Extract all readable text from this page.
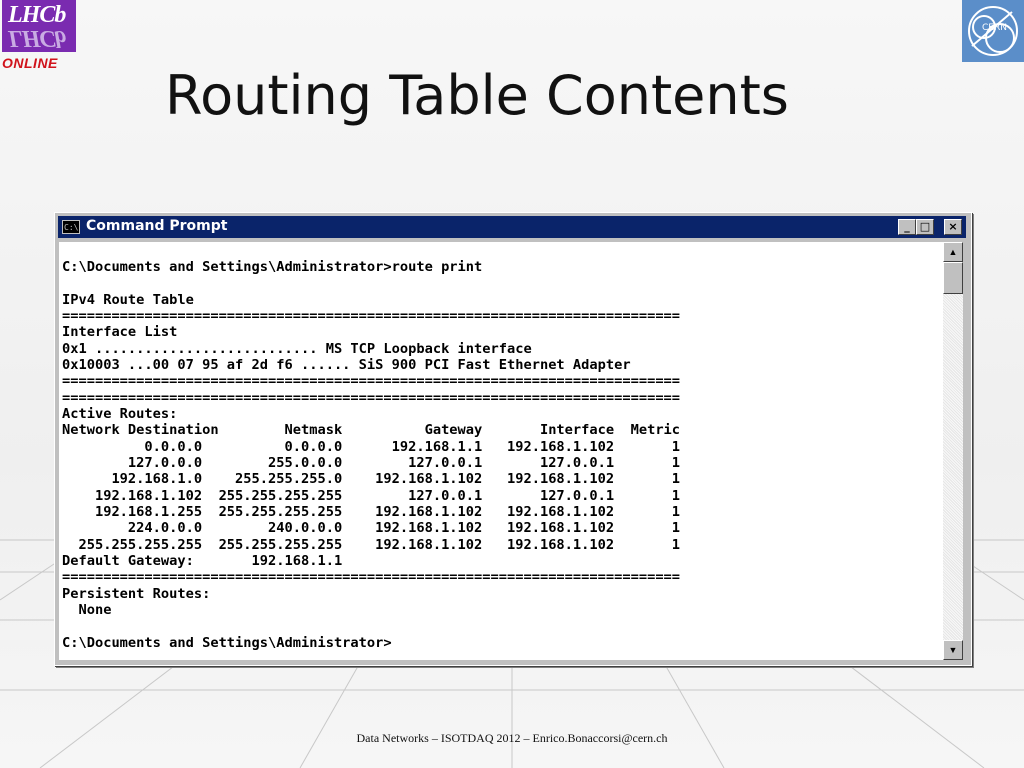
LHCb
LHCb
ONLINE
Routing Table Contents
CERN
C:\ Command Prompt	_ □	×
C:\Documents and Settings\Administrator>route print

IPv4 Route Table
===========================================================================
Interface List
0x1 ........................... MS TCP Loopback interface
0x10003 ...00 07 95 af 2d f6 ...... SiS 900 PCI Fast Ethernet Adapter
===========================================================================
===========================================================================
Active Routes:
Network Destination        Netmask          Gateway       Interface  Metric
0.0.0.0          0.0.0.0      192.168.1.1   192.168.1.102       1
127.0.0.0        255.0.0.0        127.0.0.1       127.0.0.1       1
192.168.1.0    255.255.255.0    192.168.1.102   192.168.1.102       1
192.168.1.102  255.255.255.255        127.0.0.1       127.0.0.1       1
192.168.1.255  255.255.255.255    192.168.1.102   192.168.1.102       1
224.0.0.0        240.0.0.0    192.168.1.102   192.168.1.102       1
255.255.255.255  255.255.255.255    192.168.1.102   192.168.1.102       1
Default Gateway:       192.168.1.1
===========================================================================
Persistent Routes:
None

C:\Documents and Settings\Administrator>

▲
▼
Data Networks – ISOTDAQ 2012 – Enrico.Bonaccorsi@cern.ch
